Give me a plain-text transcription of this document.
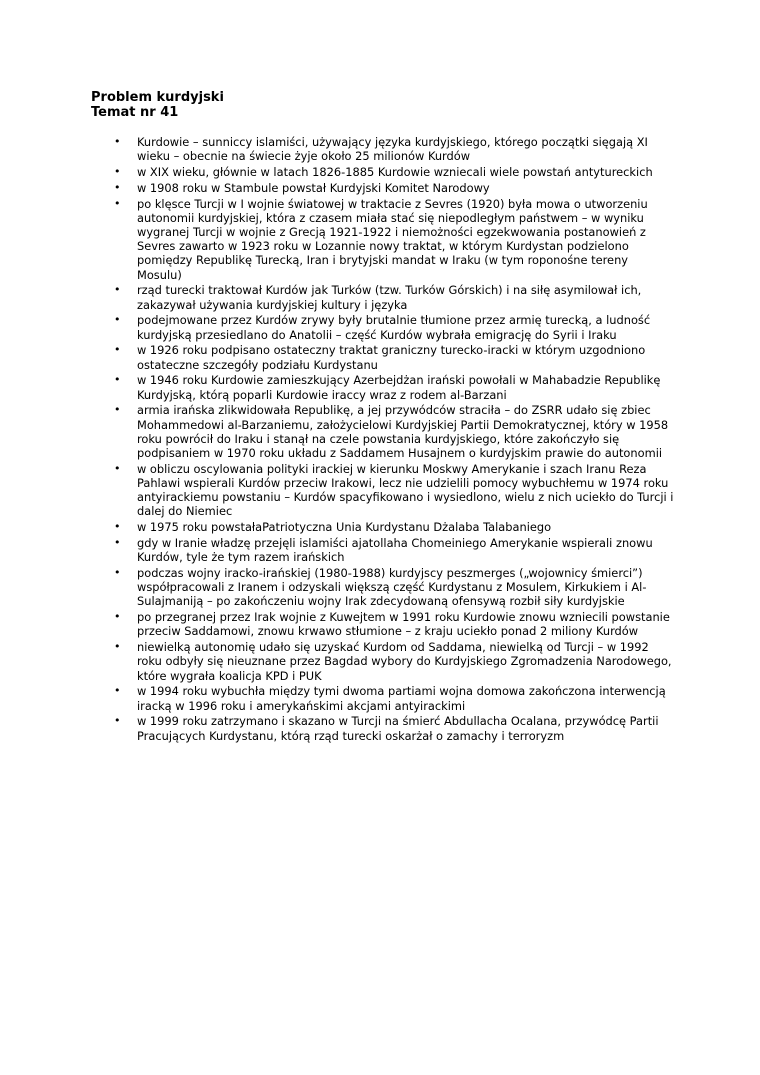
Problem kurdyjski
Temat nr 41
• Kurdowie – sunniccy islamiści, używający języka kurdyjskiego, którego początki sięgają XI wieku – obecnie na świecie żyje około 25 milionów Kurdów
• w XIX wieku, głównie w latach 1826-1885 Kurdowie wzniecali wiele powstań antytureckich
• w 1908 roku w Stambule powstał Kurdyjski Komitet Narodowy
• po klęsce Turcji w I wojnie światowej w traktacie z Sevres (1920) była mowa o utworzeniu autonomii kurdyjskiej, która z czasem miała stać się niepodległym państwem – w wyniku wygranej Turcji w wojnie z Grecją 1921-1922 i niemożności egzekwowania postanowień z Sevres zawarto w 1923 roku w Lozannie nowy traktat, w którym Kurdystan podzielono pomiędzy Republikę Turecką, Iran i brytyjski mandat w Iraku (w tym roponośne tereny Mosulu)
• rząd turecki traktował Kurdów jak Turków (tzw. Turków Górskich) i na siłę asymilował ich, zakazywał używania kurdyjskiej kultury i języka
• podejmowane przez Kurdów zrywy były brutalnie tłumione przez armię turecką, a ludność kurdyjską przesiedlano do Anatolii – część Kurdów wybrała emigrację do Syrii i Iraku
• w 1926 roku podpisano ostateczny traktat graniczny turecko-iracki w którym uzgodniono ostateczne szczegóły podziału Kurdystanu
• w 1946 roku Kurdowie zamieszkujący Azerbejdżan irański powołali w Mahabadzie Republikę Kurdyjską, którą poparli Kurdowie iraccy wraz z rodem al-Barzani
• armia irańska zlikwidowała Republikę, a jej przywódców straciła – do ZSRR udało się zbiec Mohammedowi al-Barzaniemu, założycielowi Kurdyjskiej Partii Demokratycznej, który w 1958 roku powrócił do Iraku i stanął na czele powstania kurdyjskiego, które zakończyło się podpisaniem w 1970 roku układu z Saddamem Husajnem o kurdyjskim prawie do autonomii
• w obliczu oscylowania polityki irackiej w kierunku Moskwy Amerykanie i szach Iranu Reza Pahlawi wspierali Kurdów przeciw Irakowi, lecz nie udzielili pomocy wybuchłemu w 1974 roku antyirackiemu powstaniu – Kurdów spacyfikowano i wysiedlono, wielu z nich uciekło do Turcji i dalej do Niemiec
• w 1975 roku powstałaPatriotyczna Unia Kurdystanu Dżalaba Talabaniego
• gdy w Iranie władzę przejęli islamiści ajatollaha Chomeiniego Amerykanie wspierali znowu Kurdów, tyle że tym razem irańskich
• podczas wojny iracko-irańskiej (1980-1988) kurdyjscy peszmerges („wojownicy śmierci”) współpracowali z Iranem i odzyskali większą część Kurdystanu z Mosulem, Kirkukiem i Al-Sulajmaniją – po zakończeniu wojny Irak zdecydowaną ofensywą rozbił siły kurdyjskie
• po przegranej przez Irak wojnie z Kuwejtem w 1991 roku Kurdowie znowu wznieсili powstanie przeciw Saddamowi, znowu krwawo stłumione – z kraju uciekło ponad 2 miliony Kurdów
• niewielką autonomię udało się uzyskać Kurdom od Saddama, niewielką od Turcji – w 1992 roku odbyły się nieuznane przez Bagdad wybory do Kurdyjskiego Zgromadzenia Narodowego, które wygrała koalicja KPD i PUK
• w 1994 roku wybuchła między tymi dwoma partiami wojna domowa zakończona interwencją iracką w 1996 roku i amerykańskimi akcjami antyirackimi
• w 1999 roku zatrzymano i skazano w Turcji na śmierć Abdullacha Ocalana, przywódcę Partii Pracujących Kurdystanu, którą rząd turecki oskarżał o zamachy i terroryzm
